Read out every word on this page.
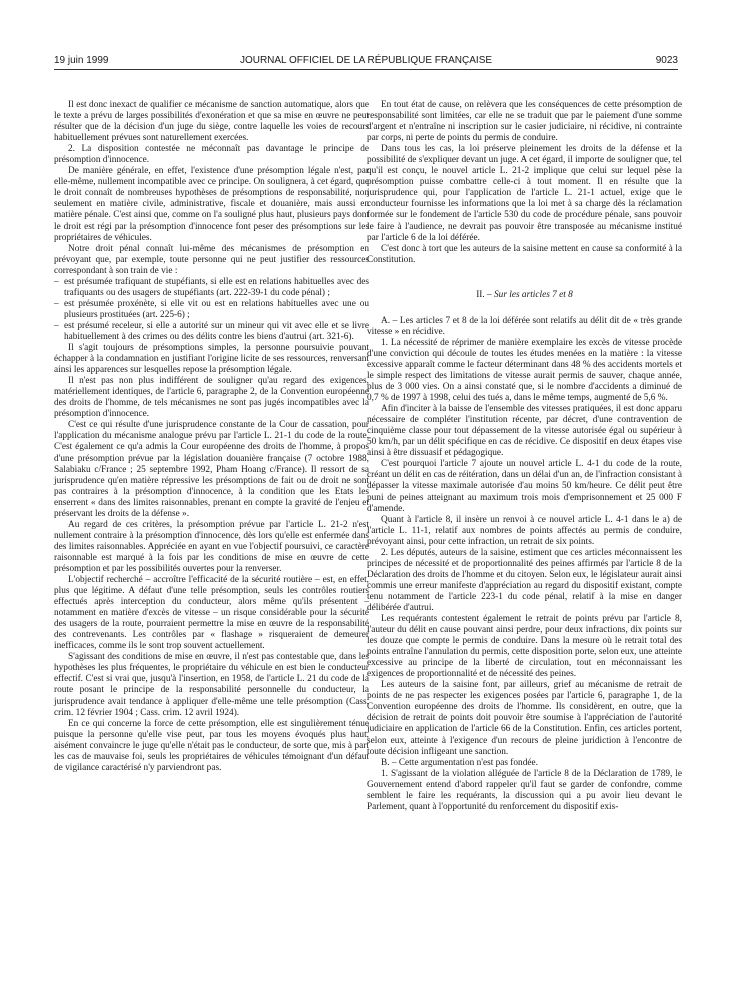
19 juin 1999	JOURNAL OFFICIEL DE LA RÉPUBLIQUE FRANÇAISE	9023

Il est donc inexact de qualifier ce mécanisme de sanction automatique, alors que le texte a prévu de larges possibilités d'exonération et que sa mise en œuvre ne peut résulter que de la décision d'un juge du siège, contre laquelle les voies de recours habituellement prévues sont naturellement exercées.

2. La disposition contestée ne méconnaît pas davantage le principe de présomption d'innocence.

De manière générale, en effet, l'existence d'une présomption légale n'est, par elle-même, nullement incompatible avec ce principe. On soulignera, à cet égard, que le droit connaît de nombreuses hypothèses de présomptions de responsabilité, non seulement en matière civile, administrative, fiscale et douanière, mais aussi en matière pénale. C'est ainsi que, comme on l'a souligné plus haut, plusieurs pays dont le droit est régi par la présomption d'innocence font peser des présomptions sur les propriétaires de véhicules.

Notre droit pénal connaît lui-même des mécanismes de présomption en prévoyant que, par exemple, toute personne qui ne peut justifier des ressources correspondant à son train de vie :

– est présumée trafiquant de stupéfiants, si elle est en relations habituelles avec des trafiquants ou des usagers de stupéfiants (art. 222-39-1 du code pénal) ;

– est présumée proxénète, si elle vit ou est en relations habituelles avec une ou plusieurs prostituées (art. 225-6) ;

– est présumé receleur, si elle a autorité sur un mineur qui vit avec elle et se livre habituellement à des crimes ou des délits contre les biens d'autrui (art. 321-6).

Il s'agit toujours de présomptions simples, la personne poursuivie pouvant échapper à la condamnation en justifiant l'origine licite de ses ressources, renversant ainsi les apparences sur lesquelles repose la présomption légale.

Il n'est pas non plus indifférent de souligner qu'au regard des exigences, matériellement identiques, de l'article 6, paragraphe 2, de la Convention européenne des droits de l'homme, de tels mécanismes ne sont pas jugés incompatibles avec la présomption d'innocence.

C'est ce qui résulte d'une jurisprudence constante de la Cour de cassation, pour l'application du mécanisme analogue prévu par l'article L. 21-1 du code de la route. C'est également ce qu'a admis la Cour européenne des droits de l'homme, à propos d'une présomption prévue par la législation douanière française (7 octobre 1988, Salabiaku c/France ; 25 septembre 1992, Pham Hoang c/France). Il ressort de sa jurisprudence qu'en matière répressive les présomptions de fait ou de droit ne sont pas contraires à la présomption d'innocence, à la condition que les Etats les enserrent « dans des limites raisonnables, prenant en compte la gravité de l'enjeu et préservant les droits de la défense ».

Au regard de ces critères, la présomption prévue par l'article L. 21-2 n'est nullement contraire à la présomption d'innocence, dès lors qu'elle est enfermée dans des limites raisonnables. Appréciée en ayant en vue l'objectif poursuivi, ce caractère raisonnable est marqué à la fois par les conditions de mise en œuvre de cette présomption et par les possibilités ouvertes pour la renverser.

L'objectif recherché – accroître l'efficacité de la sécurité routière – est, en effet, plus que légitime. A défaut d'une telle présomption, seuls les contrôles routiers effectués après interception du conducteur, alors même qu'ils présentent – notamment en matière d'excès de vitesse – un risque considérable pour la sécurité des usagers de la route, pourraient permettre la mise en œuvre de la responsabilité des contrevenants. Les contrôles par « flashage » risqueraient de demeurer inefficaces, comme ils le sont trop souvent actuellement.

S'agissant des conditions de mise en œuvre, il n'est pas contestable que, dans les hypothèses les plus fréquentes, le propriétaire du véhicule en est bien le conducteur effectif. C'est si vrai que, jusqu'à l'insertion, en 1958, de l'article L. 21 du code de la route posant le principe de la responsabilité personnelle du conducteur, la jurisprudence avait tendance à appliquer d'elle-même une telle présomption (Cass. crim. 12 février 1904 ; Cass. crim. 12 avril 1924).

En ce qui concerne la force de cette présomption, elle est singulièrement ténue puisque la personne qu'elle vise peut, par tous les moyens évoqués plus haut, aisément convaincre le juge qu'elle n'était pas le conducteur, de sorte que, mis à part les cas de mauvaise foi, seuls les propriétaires de véhicules témoignant d'un défaut de vigilance caractérisé n'y parviendront pas.

En tout état de cause, on relèvera que les conséquences de cette présomption de responsabilité sont limitées, car elle ne se traduit que par le paiement d'une somme d'argent et n'entraîne ni inscription sur le casier judiciaire, ni récidive, ni contrainte par corps, ni perte de points du permis de conduire.

Dans tous les cas, la loi préserve pleinement les droits de la défense et la possibilité de s'expliquer devant un juge. A cet égard, il importe de souligner que, tel qu'il est conçu, le nouvel article L. 21-2 implique que celui sur lequel pèse la présomption puisse combattre celle-ci à tout moment. Il en résulte que la jurisprudence qui, pour l'application de l'article L. 21-1 actuel, exige que le conducteur fournisse les informations que la loi met à sa charge dès la réclamation formée sur le fondement de l'article 530 du code de procédure pénale, sans pouvoir le faire à l'audience, ne devrait pas pouvoir être transposée au mécanisme institué par l'article 6 de la loi déférée.

C'est donc à tort que les auteurs de la saisine mettent en cause sa conformité à la Constitution.

II. – Sur les articles 7 et 8

A. – Les articles 7 et 8 de la loi déférée sont relatifs au délit dit de « très grande vitesse » en récidive.

1. La nécessité de réprimer de manière exemplaire les excès de vitesse procède d'une conviction qui découle de toutes les études menées en la matière : la vitesse excessive apparaît comme le facteur déterminant dans 48 % des accidents mortels et le simple respect des limitations de vitesse aurait permis de sauver, chaque année, plus de 3 000 vies. On a ainsi constaté que, si le nombre d'accidents a diminué de 0,7 % de 1997 à 1998, celui des tués a, dans le même temps, augmenté de 5,6 %.

Afin d'inciter à la baisse de l'ensemble des vitesses pratiquées, il est donc apparu nécessaire de compléter l'institution récente, par décret, d'une contravention de cinquième classe pour tout dépassement de la vitesse autorisée égal ou supérieur à 50 km/h, par un délit spécifique en cas de récidive. Ce dispositif en deux étapes vise ainsi à être dissuasif et pédagogique.

C'est pourquoi l'article 7 ajoute un nouvel article L. 4-1 du code de la route, créant un délit en cas de réitération, dans un délai d'un an, de l'infraction consistant à dépasser la vitesse maximale autorisée d'au moins 50 km/heure. Ce délit peut être puni de peines atteignant au maximum trois mois d'emprisonnement et 25 000 F d'amende.

Quant à l'article 8, il insère un renvoi à ce nouvel article L. 4-1 dans le a) de l'article L. 11-1, relatif aux nombres de points affectés au permis de conduire, prévoyant ainsi, pour cette infraction, un retrait de six points.

2. Les députés, auteurs de la saisine, estiment que ces articles méconnaissent les principes de nécessité et de proportionnalité des peines affirmés par l'article 8 de la Déclaration des droits de l'homme et du citoyen. Selon eux, le législateur aurait ainsi commis une erreur manifeste d'appréciation au regard du dispositif existant, compte tenu notamment de l'article 223-1 du code pénal, relatif à la mise en danger délibérée d'autrui.

Les requérants contestent également le retrait de points prévu par l'article 8, l'auteur du délit en cause pouvant ainsi perdre, pour deux infractions, dix points sur les douze que compte le permis de conduire. Dans la mesure où le retrait total des points entraîne l'annulation du permis, cette disposition porte, selon eux, une atteinte excessive au principe de la liberté de circulation, tout en méconnaissant les exigences de proportionnalité et de nécessité des peines.

Les auteurs de la saisine font, par ailleurs, grief au mécanisme de retrait de points de ne pas respecter les exigences posées par l'article 6, paragraphe 1, de la Convention européenne des droits de l'homme. Ils considèrent, en outre, que la décision de retrait de points doit pouvoir être soumise à l'appréciation de l'autorité judiciaire en application de l'article 66 de la Constitution. Enfin, ces articles portent, selon eux, atteinte à l'exigence d'un recours de pleine juridiction à l'encontre de toute décision infligeant une sanction.

B. – Cette argumentation n'est pas fondée.

1. S'agissant de la violation alléguée de l'article 8 de la Déclaration de 1789, le Gouvernement entend d'abord rappeler qu'il faut se garder de confondre, comme semblent le faire les requérants, la discussion qui a pu avoir lieu devant le Parlement, quant à l'opportunité du renforcement du dispositif exis-
